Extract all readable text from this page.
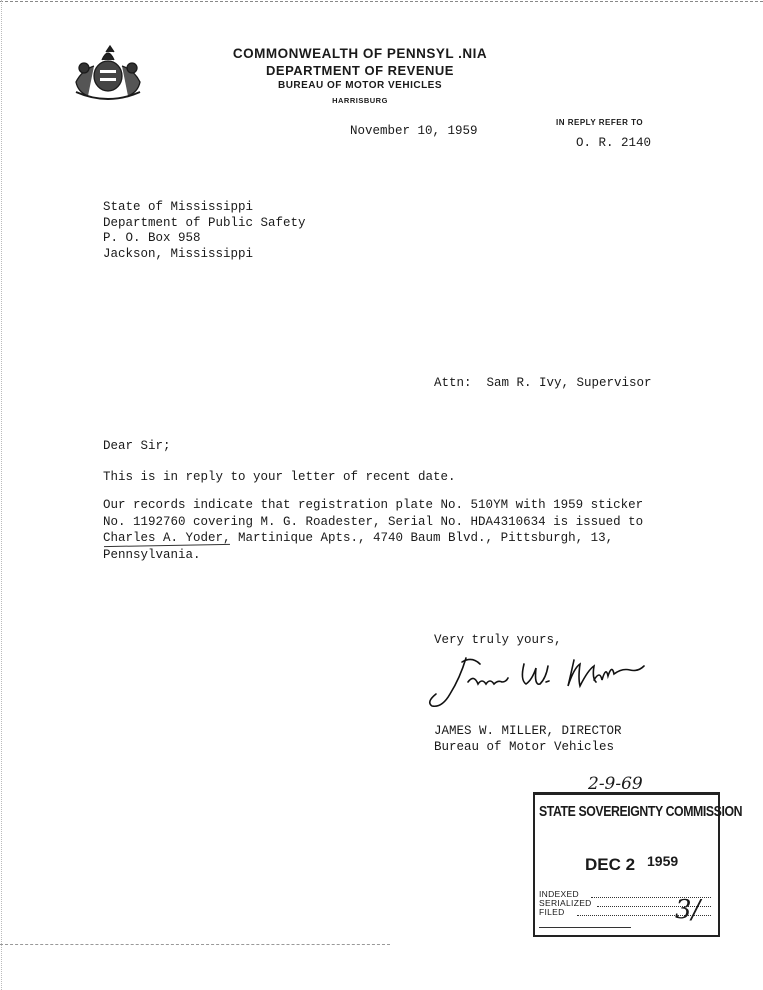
COMMONWEALTH OF PENNSYL .NIA
DEPARTMENT OF REVENUE
BUREAU OF MOTOR VEHICLES
HARRISBURG
IN REPLY REFER TO
O. R. 2140
November 10, 1959
State of Mississippi
Department of Public Safety
P. O. Box 958
Jackson, Mississippi
Attn:  Sam R. Ivy, Supervisor
Dear Sir;
This is in reply to your letter of recent date.
Our records indicate that registration plate No. 510YM with 1959 sticker
No. 1192760 covering M. G. Roadester, Serial No. HDA4310634 is issued to
Charles A. Yoder, Martinique Apts., 4740 Baum Blvd., Pittsburgh, 13,
Pennsylvania.
Very truly yours,
James W. Miller
JAMES W. MILLER, DIRECTOR
Bureau of Motor Vehicles
2-9-69
STATE SOVEREIGNTY COMMISSION
DEC 2 1959
INDEXED
SERIALIZED
FILED	3/
